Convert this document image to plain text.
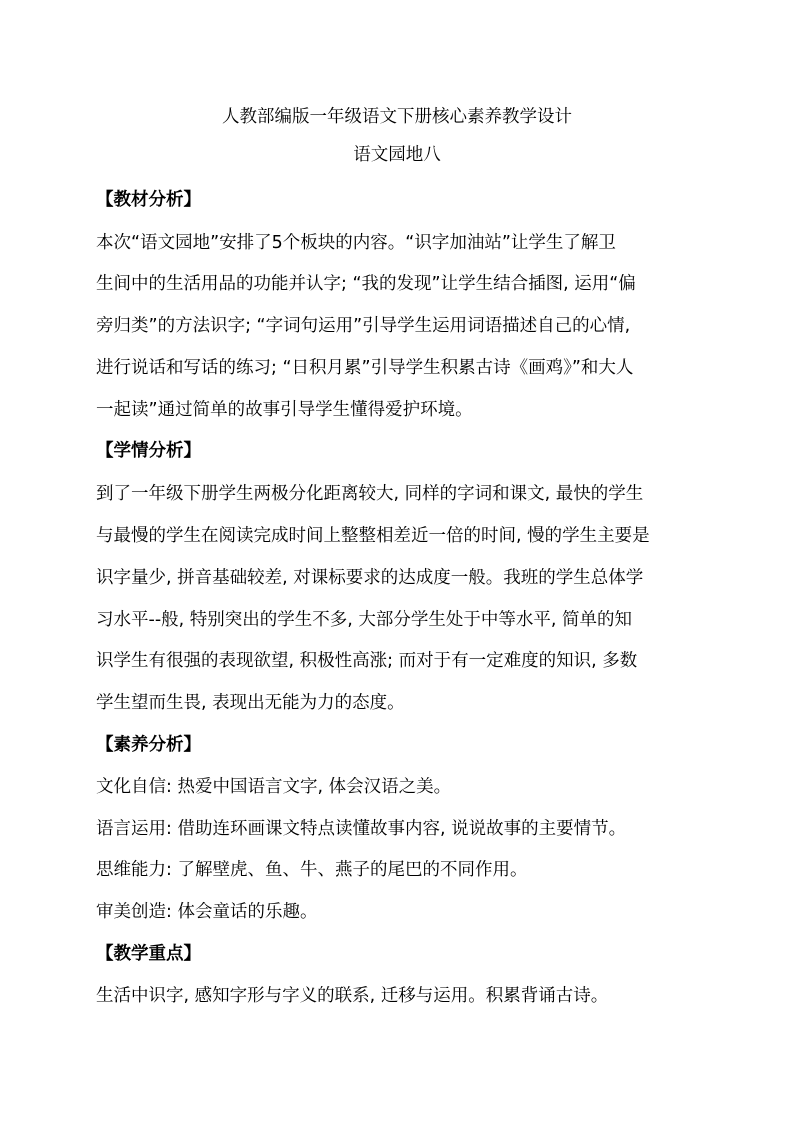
人教部编版一年级语文下册核心素养教学设计
语文园地八
【教材分析】
本次“语文园地”安排了5个板块的内容。“识字加油站”让学生了解卫
生间中的生活用品的功能并认字; “我的发现”让学生结合插图, 运用“偏
旁归类”的方法识字; “字词句运用”引导学生运用词语描述自己的心情,
进行说话和写话的练习; “日积月累”引导学生积累古诗《画鸡》”和大人
一起读”通过简单的故事引导学生懂得爱护环境。
【学情分析】
到了一年级下册学生两极分化距离较大, 同样的字词和课文, 最快的学生
与最慢的学生在阅读完成时间上整整相差近一倍的时间, 慢的学生主要是
识字量少, 拼音基础较差, 对课标要求的达成度一般。我班的学生总体学
习水平--般, 特别突出的学生不多, 大部分学生处于中等水平, 简单的知
识学生有很强的表现欲望, 积极性高涨; 而对于有一定难度的知识, 多数
学生望而生畏, 表现出无能为力的态度。
【素养分析】
文化自信: 热爱中国语言文字, 体会汉语之美。
语言运用: 借助连环画课文特点读懂故事内容, 说说故事的主要情节。
思维能力: 了解壁虎、鱼、牛、燕子的尾巴的不同作用。
审美创造: 体会童话的乐趣。
【教学重点】
生活中识字, 感知字形与字义的联系, 迁移与运用。积累背诵古诗。
